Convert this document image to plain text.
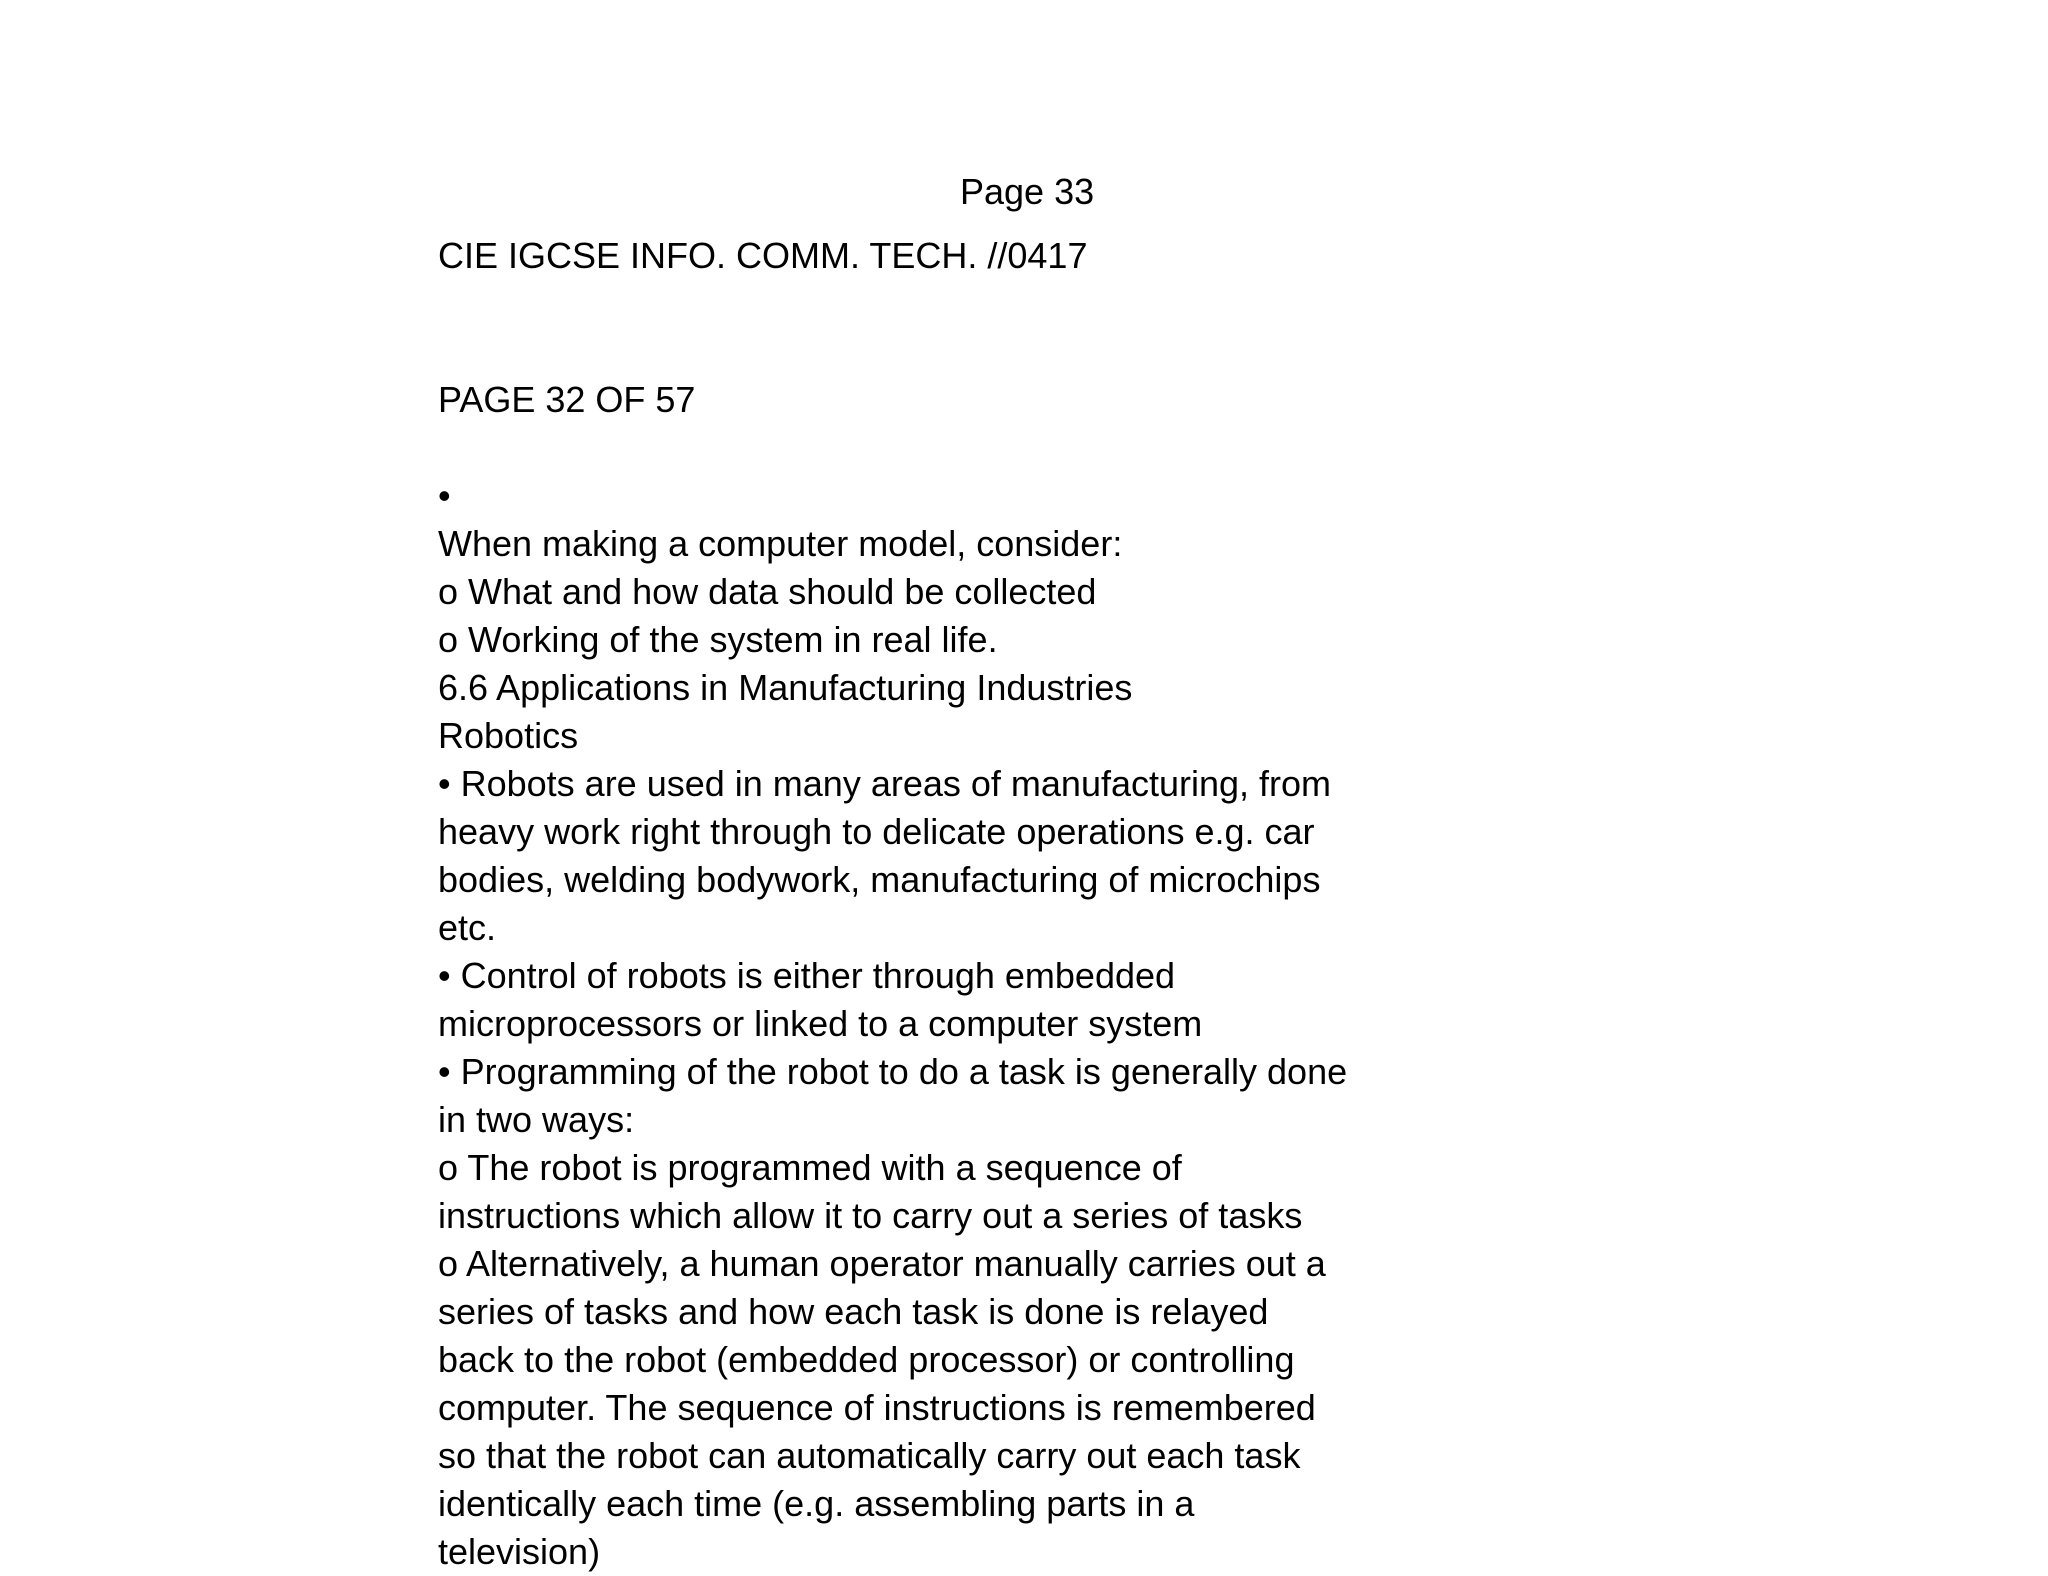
Page 33

CIE IGCSE INFO. COMM. TECH. //0417

PAGE 32 OF 57

•

When making a computer model, consider:
o What and how data should be collected
o Working of the system in real life.
6.6 Applications in Manufacturing Industries
Robotics
• Robots are used in many areas of manufacturing, from
heavy work right through to delicate operations e.g. car
bodies, welding bodywork, manufacturing of microchips
etc.
• Control of robots is either through embedded
microprocessors or linked to a computer system
• Programming of the robot to do a task is generally done
in two ways:
o The robot is programmed with a sequence of
instructions which allow it to carry out a series of tasks
o Alternatively, a human operator manually carries out a
series of tasks and how each task is done is relayed
back to the robot (embedded processor) or controlling
computer. The sequence of instructions is remembered
so that the robot can automatically carry out each task
identically each time (e.g. assembling parts in a
television)
